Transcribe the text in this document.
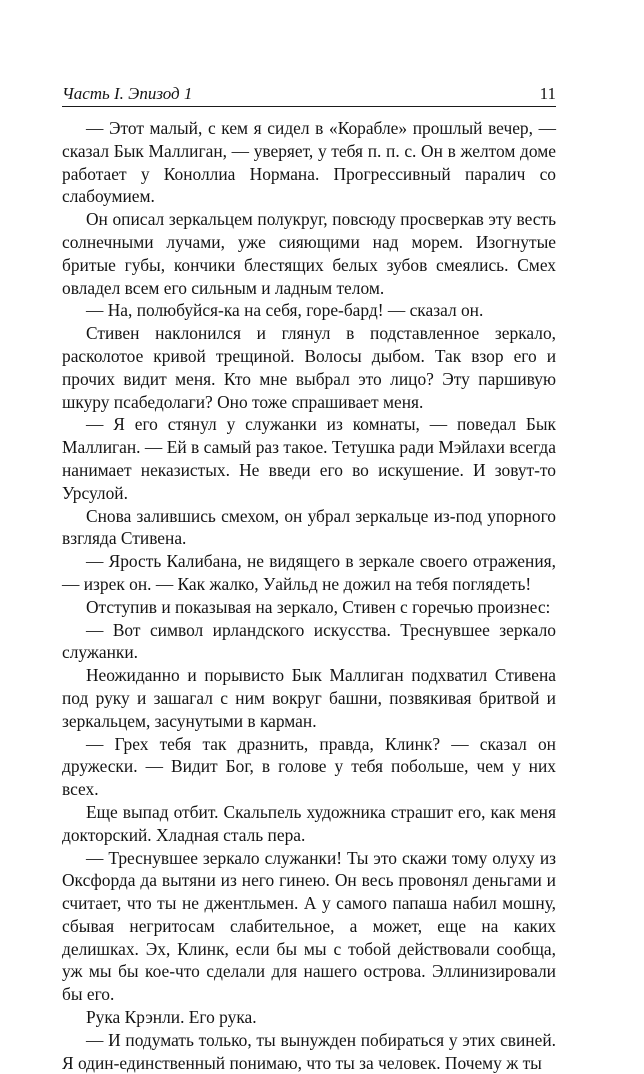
Часть I. Эпизод 1	11

— Этот малый, с кем я сидел в «Корабле» прошлый вечер, — сказал Бык Маллиган, — уверяет, у тебя п. п. с. Он в желтом доме работает у Коноллиа Нормана. Прогрессивный паралич со слабоумием.

Он описал зеркальцем полукруг, повсюду просверкав эту весть солнечными лучами, уже сияющими над морем. Изогнутые бритые губы, кончики блестящих белых зубов смеялись. Смех овладел всем его сильным и ладным телом.

— На, полюбуйся-ка на себя, горе-бард! — сказал он.

Стивен наклонился и глянул в подставленное зеркало, расколотое кривой трещиной. Волосы дыбом. Так взор его и прочих видит меня. Кто мне выбрал это лицо? Эту паршивую шкуру псабедолаги? Оно тоже спрашивает меня.

— Я его стянул у служанки из комнаты, — поведал Бык Маллиган. — Ей в самый раз такое. Тетушка ради Мэйлахи всегда нанимает неказистых. Не введи его во искушение. И зовут-то Урсулой.

Снова залившись смехом, он убрал зеркальце из-под упорного взгляда Стивена.

— Ярость Калибана, не видящего в зеркале своего отражения, — изрек он. — Как жалко, Уайльд не дожил на тебя поглядеть!

Отступив и показывая на зеркало, Стивен с горечью произнес:

— Вот символ ирландского искусства. Треснувшее зеркало служанки.

Неожиданно и порывисто Бык Маллиган подхватил Стивена под руку и зашагал с ним вокруг башни, позвякивая бритвой и зеркальцем, засунутыми в карман.

— Грех тебя так дразнить, правда, Клинк? — сказал он дружески. — Видит Бог, в голове у тебя побольше, чем у них всех.

Еще выпад отбит. Скальпель художника страшит его, как меня докторский. Хладная сталь пера.

— Треснувшее зеркало служанки! Ты это скажи тому олуху из Оксфорда да вытяни из него гинею. Он весь провонял деньгами и считает, что ты не джентльмен. А у самого папаша набил мошну, сбывая негритосам слабительное, а может, еще на каких делишках. Эх, Клинк, если бы мы с тобой действовали сообща, уж мы бы кое-что сделали для нашего острова. Эллинизировали бы его.

Рука Крэнли. Его рука.

— И подумать только, ты вынужден побираться у этих свиней. Я один-единственный понимаю, что ты за человек. Почему ж ты
